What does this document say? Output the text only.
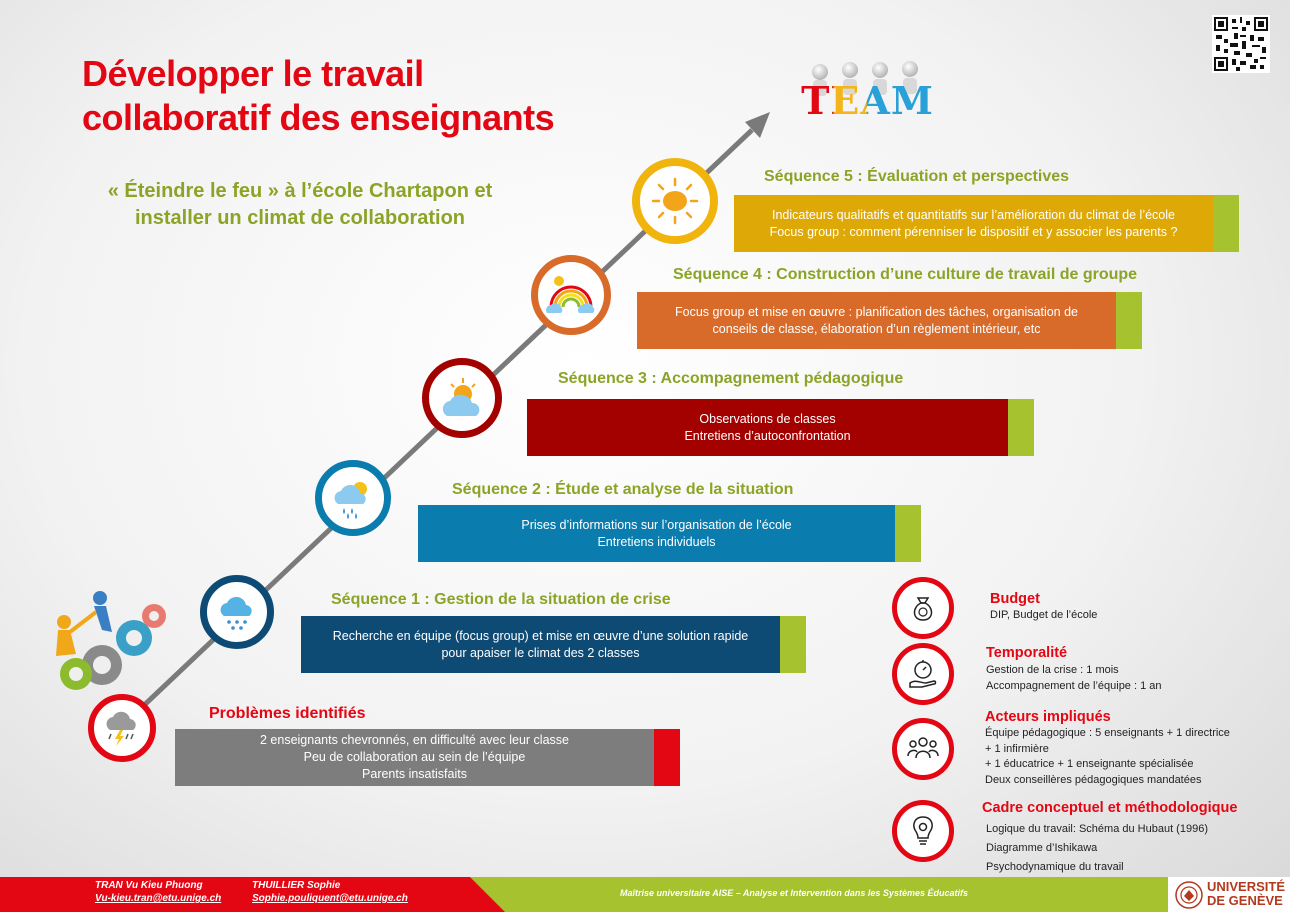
Développer le travail
collaboratif des enseignants
« Éteindre le feu » à l’école Chartapon et
installer un climat de collaboration
TEAM
Problèmes identifiés
2 enseignants chevronnés, en difficulté avec leur classe
Peu de collaboration au sein de l’équipe
Parents insatisfaits
Séquence 1 : Gestion de la situation de crise
Recherche en équipe (focus group) et mise en œuvre d’une solution rapide
pour apaiser le climat des 2 classes
Séquence 2 : Étude et analyse de la situation
Prises d’informations sur l’organisation de l’école
Entretiens individuels
Séquence 3 : Accompagnement pédagogique
Observations de classes
Entretiens d’autoconfrontation
Séquence 4 : Construction d’une culture de travail de groupe
Focus group et mise en œuvre : planification des tâches, organisation de
conseils de classe, élaboration d’un règlement intérieur, etc
Séquence 5 : Évaluation et perspectives
Indicateurs qualitatifs et quantitatifs sur l’amélioration du climat de l’école
Focus group : comment pérenniser le dispositif et y associer les parents ?
Budget
DIP, Budget de l’école
Temporalité
Gestion de la crise : 1 mois
Accompagnement de l’équipe : 1 an
Acteurs impliqués
Équipe pédagogique : 5 enseignants + 1 directrice
+ 1 infirmière
+ 1 éducatrice + 1 enseignante spécialisée
Deux conseillères pédagogiques mandatées
Cadre conceptuel et méthodologique
Logique du travail: Schéma du Hubaut (1996)
Diagramme d’Ishikawa
Psychodynamique du travail
TRAN Vu Kieu Phuong
Vu-kieu.tran@etu.unige.ch
THUILLIER Sophie
Sophie.pouliquent@etu.unige.ch	Maîtrise universitaire AISE – Analyse et Intervention dans les Systèmes Éducatifs	UNIVERSITÉ
DE GENÈVE
